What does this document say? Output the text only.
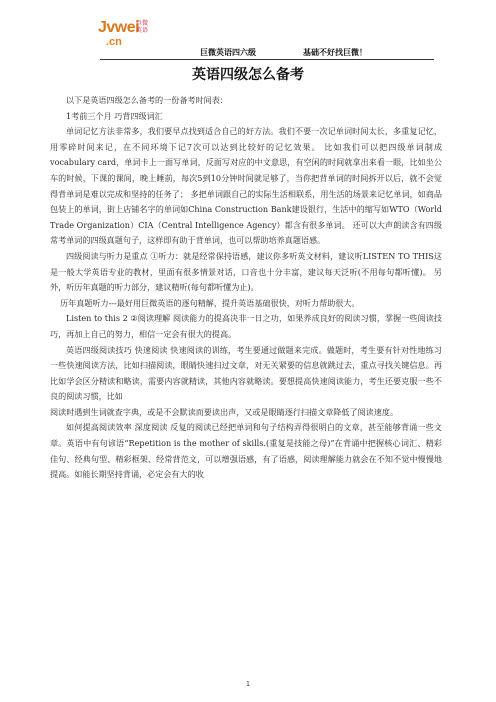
Jvwei
.cn
巨微英语
巨微英语四六级	基础不好找巨微！
英语四级怎么备考

以下是英语四级怎么备考的一份备考时间表：

1考前三个月 巧背四级词汇

单词记忆方法非常多，我们要早点找到适合自己的好方法。我们不要一次记单词时间太长，多重复记忆，用零碎时间来记，在不同环境下记7次可以达到比较好的记忆效果。 比如我们可以把四级单词制成vocabulary card，单词卡上一面写单词，反面写对应的中文意思，有空闲的时间就拿出来看一眼，比如坐公车的时候，下课的课间，晚上睡前，每次5到10分钟时间就足够了，当你把背单词的时间拆开以后，就不会觉得背单词是难以完成和坚持的任务了； 多把单词跟自己的实际生活相联系，用生活的场景来记忆单词，如商品包装上的单词，街上店铺名字的单词如China Construction Bank建设银行，生活中的缩写如WTO（World Trade Organization）CIA（Central Intelligence Agency）都含有很多单词。 还可以大声朗读含有四级常考单词的四级真题句子，这样即有助于背单词，也可以帮助培养真题语感。

四级阅读与听力是重点 ①听力：就是经常保持语感，建议你多听英文材料，建议听LISTEN TO THIS这是一般大学英语专业的教材，里面有很多情景对话，口音也十分丰富，建议每天泛听(不用每句都听懂)。 另外，听历年真题的听力部分，建议精听(每句都听懂为止)。

历年真题听力---最好用巨微英语的逐句精解，提升英语基础很快，对听力帮助很大。

Listen to this 2 ②阅读理解 阅读能力的提高决非一日之功，如果养成良好的阅读习惯，掌握一些阅读技巧，再加上自己的努力，相信一定会有很大的提高。

英语四级阅读技巧 快速阅读 快速阅读的训练，考生要通过做题来完成。做题时，考生要有针对性地练习一些快速阅读方法，比如扫描阅读，眼睛快速扫过文章，对无关紧要的信息就跳过去，重点寻找关键信息。再比如学会区分精读和略读，需要内容就精读，其他内容就略读。要想提高快速阅读能力，考生还要克服一些不良的阅读习惯，比如

阅读时遇到生词就查字典，或是不会默读而要读出声，又或是眼睛逐行扫描文章降低了阅读速度。

如何提高阅读效率 深度阅读 反复的阅读已经把单词和句子结构弄得很明白的文章，甚至能够背诵一些文章。英语中有句谚语“Repetition is the mother of skills.(重复是技能之母)”在背诵中把握核心词汇、精彩佳句、经典句型、精彩框架、经常背范文，可以增强语感，有了语感，阅读理解能力就会在不知不觉中慢慢地提高。如能长期坚持背诵，必定会有大的收

1
